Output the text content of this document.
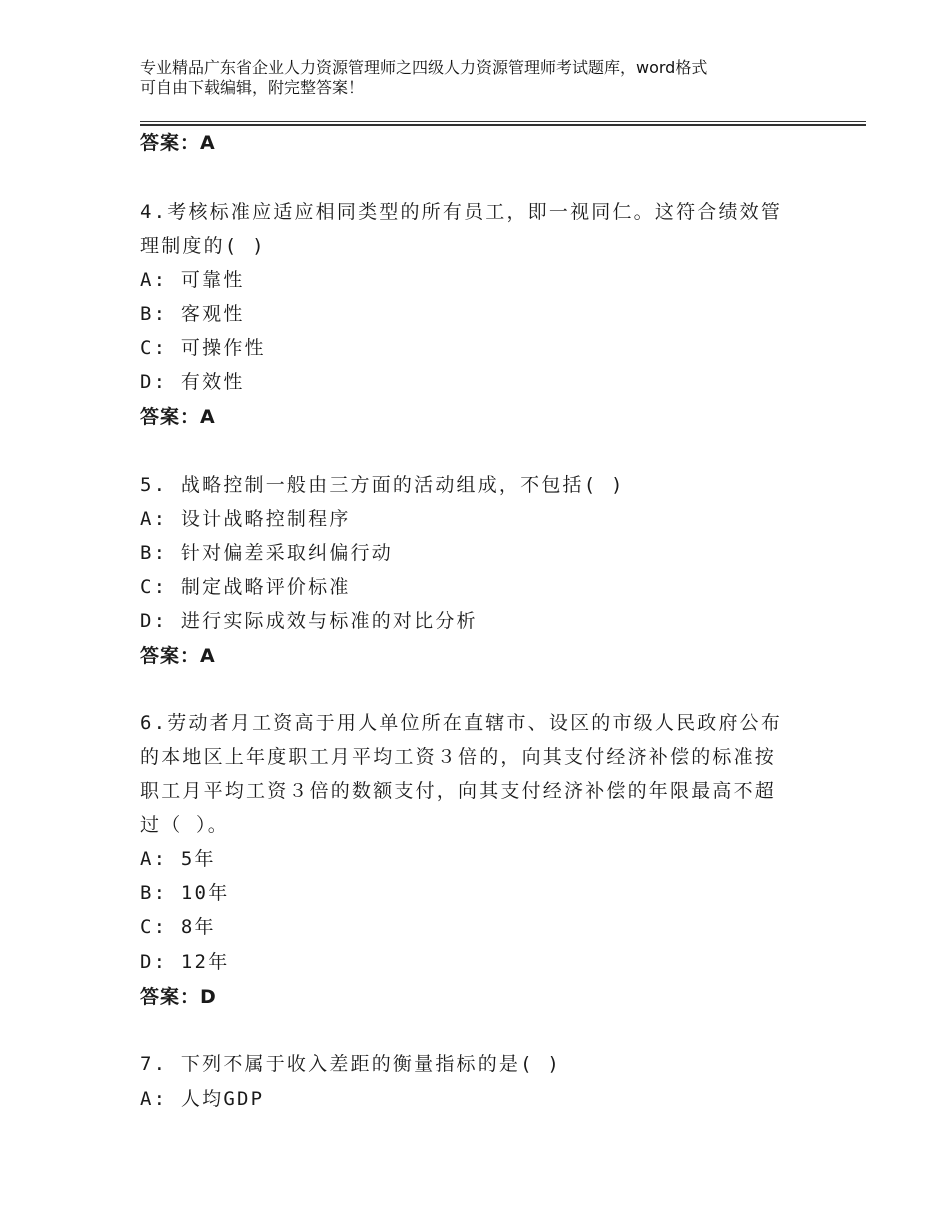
专业精品广东省企业人力资源管理师之四级人力资源管理师考试题库，word格式
可自由下载编辑，附完整答案！
答案：A
4.考核标准应适应相同类型的所有员工，即一视同仁。这符合绩效管
理制度的( )
A: 可靠性
B: 客观性
C: 可操作性
D: 有效性
答案：A
5. 战略控制一般由三方面的活动组成，不包括( )
A: 设计战略控制程序
B: 针对偏差采取纠偏行动
C: 制定战略评价标准
D: 进行实际成效与标准的对比分析
答案：A
6.劳动者月工资高于用人单位所在直辖市、设区的市级人民政府公布
的本地区上年度职工月平均工资３倍的，向其支付经济补偿的标准按
职工月平均工资３倍的数额支付，向其支付经济补偿的年限最高不超
过（ ）。
A: 5年
B: 10年
C: 8年
D: 12年
答案：D
7. 下列不属于收入差距的衡量指标的是( )
A: 人均GDP
